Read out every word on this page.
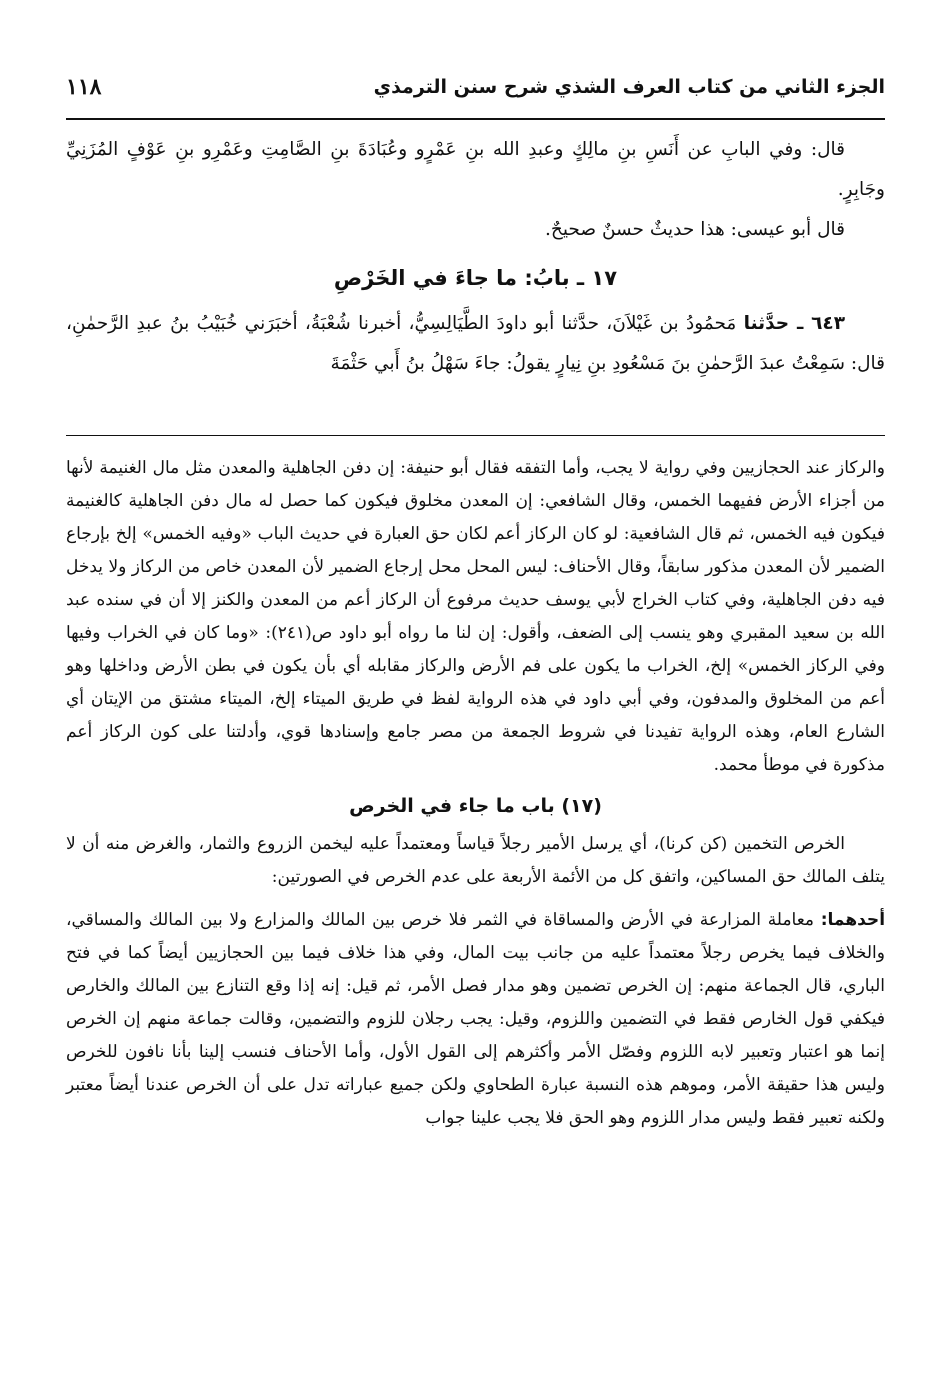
الجزء الثاني من كتاب العرف الشذي شرح سنن الترمذي
١١٨

قال: وفي البابِ عن أَنَسِ بنِ مالِكٍ وعبدِ الله بنِ عَمْرٍو وعُبَادَةَ بنِ الصَّامِتِ وعَمْرِو بنِ عَوْفٍ المُزَنِيِّ وجَابِرٍ.

قال أبو عيسى: هذا حديثٌ حسنٌ صحيحٌ.

١٧ ـ بابُ: ما جاءَ في الخَرْصِ

٦٤٣ ـ حدَّثنا مَحمُودُ بن غَيْلاَنَ، حدَّثنا أبو داودَ الطَّيَالِسِيُّ، أخبرنا شُعْبَةُ، أخبَرَني خُبَيْبُ بنُ عبدِ الرَّحمٰنِ، قال: سَمِعْتُ عبدَ الرَّحمٰنِ بنَ مَسْعُودِ بنِ نِيارٍ يقولُ: جاءَ سَهْلُ بنُ أَبي حَثْمَةَ

والركاز عند الحجازيين وفي رواية لا يجب، وأما التفقه فقال أبو حنيفة: إن دفن الجاهلية والمعدن مثل مال الغنيمة لأنها من أجزاء الأرض ففيهما الخمس، وقال الشافعي: إن المعدن مخلوق فيكون كما حصل له مال دفن الجاهلية كالغنيمة فيكون فيه الخمس، ثم قال الشافعية: لو كان الركاز أعم لكان حق العبارة في حديث الباب «وفيه الخمس» إلخ بإرجاع الضمير لأن المعدن مذكور سابقاً، وقال الأحناف: ليس المحل محل إرجاع الضمير لأن المعدن خاص من الركاز ولا يدخل فيه دفن الجاهلية، وفي كتاب الخراج لأبي يوسف حديث مرفوع أن الركاز أعم من المعدن والكنز إلا أن في سنده عبد الله بن سعيد المقبري وهو ينسب إلى الضعف، وأقول: إن لنا ما رواه أبو داود ص(٢٤١): «وما كان في الخراب وفيها وفي الركاز الخمس» إلخ، الخراب ما يكون على فم الأرض والركاز مقابله أي بأن يكون في بطن الأرض وداخلها وهو أعم من المخلوق والمدفون، وفي أبي داود في هذه الرواية لفظ في طريق الميتاء إلخ، الميتاء مشتق من الإيتان أي الشارع العام، وهذه الرواية تفيدنا في شروط الجمعة من مصر جامع وإسنادها قوي، وأدلتنا على كون الركاز أعم مذكورة في موطأ محمد.

(١٧) باب ما جاء في الخرص

الخرص التخمين (كن كرنا)، أي يرسل الأمير رجلاً قياساً ومعتمداً عليه ليخمن الزروع والثمار، والغرض منه أن لا يتلف المالك حق المساكين، واتفق كل من الأئمة الأربعة على عدم الخرص في الصورتين:

أحدهما: معاملة المزارعة في الأرض والمساقاة في الثمر فلا خرص بين المالك والمزارع ولا بين المالك والمساقي، والخلاف فيما يخرص رجلاً معتمداً عليه من جانب بيت المال، وفي هذا خلاف فيما بين الحجازيين أيضاً كما في فتح الباري، قال الجماعة منهم: إن الخرص تضمين وهو مدار فصل الأمر، ثم قيل: إنه إذا وقع التنازع بين المالك والخارص فيكفي قول الخارص فقط في التضمين واللزوم، وقيل: يجب رجلان للزوم والتضمين، وقالت جماعة منهم إن الخرص إنما هو اعتبار وتعبير لابه اللزوم وفصّل الأمر وأكثرهم إلى القول الأول، وأما الأحناف فنسب إلينا بأنا نافون للخرص وليس هذا حقيقة الأمر، وموهم هذه النسبة عبارة الطحاوي ولكن جميع عباراته تدل على أن الخرص عندنا أيضاً معتبر ولكنه تعبير فقط وليس مدار اللزوم وهو الحق فلا يجب علينا جواب
